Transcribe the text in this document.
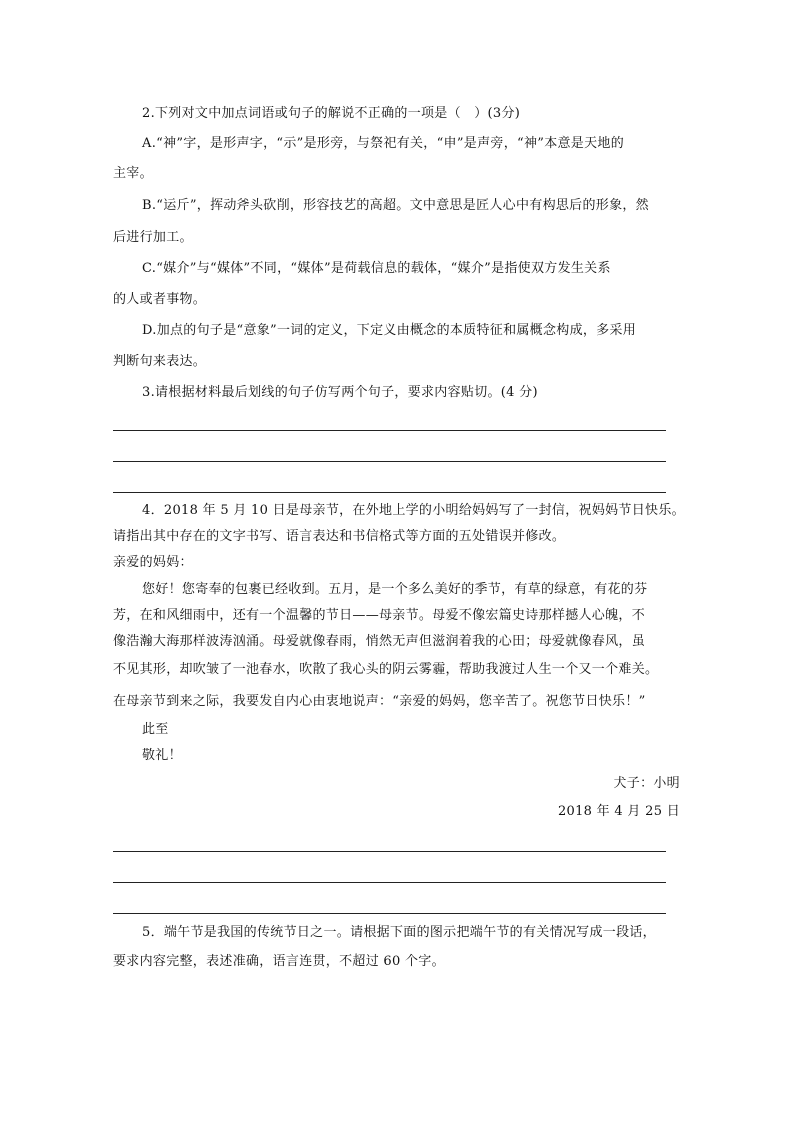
2.下列对文中加点词语或句子的解说不正确的一项是（　）(3分)
A.“神”字，是形声字，“示”是形旁，与祭祀有关，“申”是声旁，“神”本意是天地的
主宰。
B.“运斤”，挥动斧头砍削，形容技艺的高超。文中意思是匠人心中有构思后的形象，然
后进行加工。
C.“媒介”与“媒体”不同，“媒体”是荷载信息的载体，“媒介”是指使双方发生关系
的人或者事物。
D.加点的句子是“意象”一词的定义，下定义由概念的本质特征和属概念构成，多采用
判断句来表达。
3.请根据材料最后划线的句子仿写两个句子，要求内容贴切。(4 分)
4．2018 年 5 月 10 日是母亲节，在外地上学的小明给妈妈写了一封信，祝妈妈节日快乐。
请指出其中存在的文字书写、语言表达和书信格式等方面的五处错误并修改。
亲爱的妈妈：
您好！您寄奉的包裹已经收到。五月，是一个多么美好的季节，有草的绿意，有花的芬
芳，在和风细雨中，还有一个温馨的节日——母亲节。母爱不像宏篇史诗那样撼人心魄，不
像浩瀚大海那样波涛汹涌。母爱就像春雨，悄然无声但滋润着我的心田；母爱就像春风，虽
不见其形，却吹皱了一池春水，吹散了我心头的阴云雾霾，帮助我渡过人生一个又一个难关。
在母亲节到来之际，我要发自内心由衷地说声：“亲爱的妈妈，您辛苦了。祝您节日快乐！”
此至
敬礼！
犬子：小明
2018 年 4 月 25 日
5．端午节是我国的传统节日之一。请根据下面的图示把端午节的有关情况写成一段话，
要求内容完整，表述准确，语言连贯，不超过 60 个字。
